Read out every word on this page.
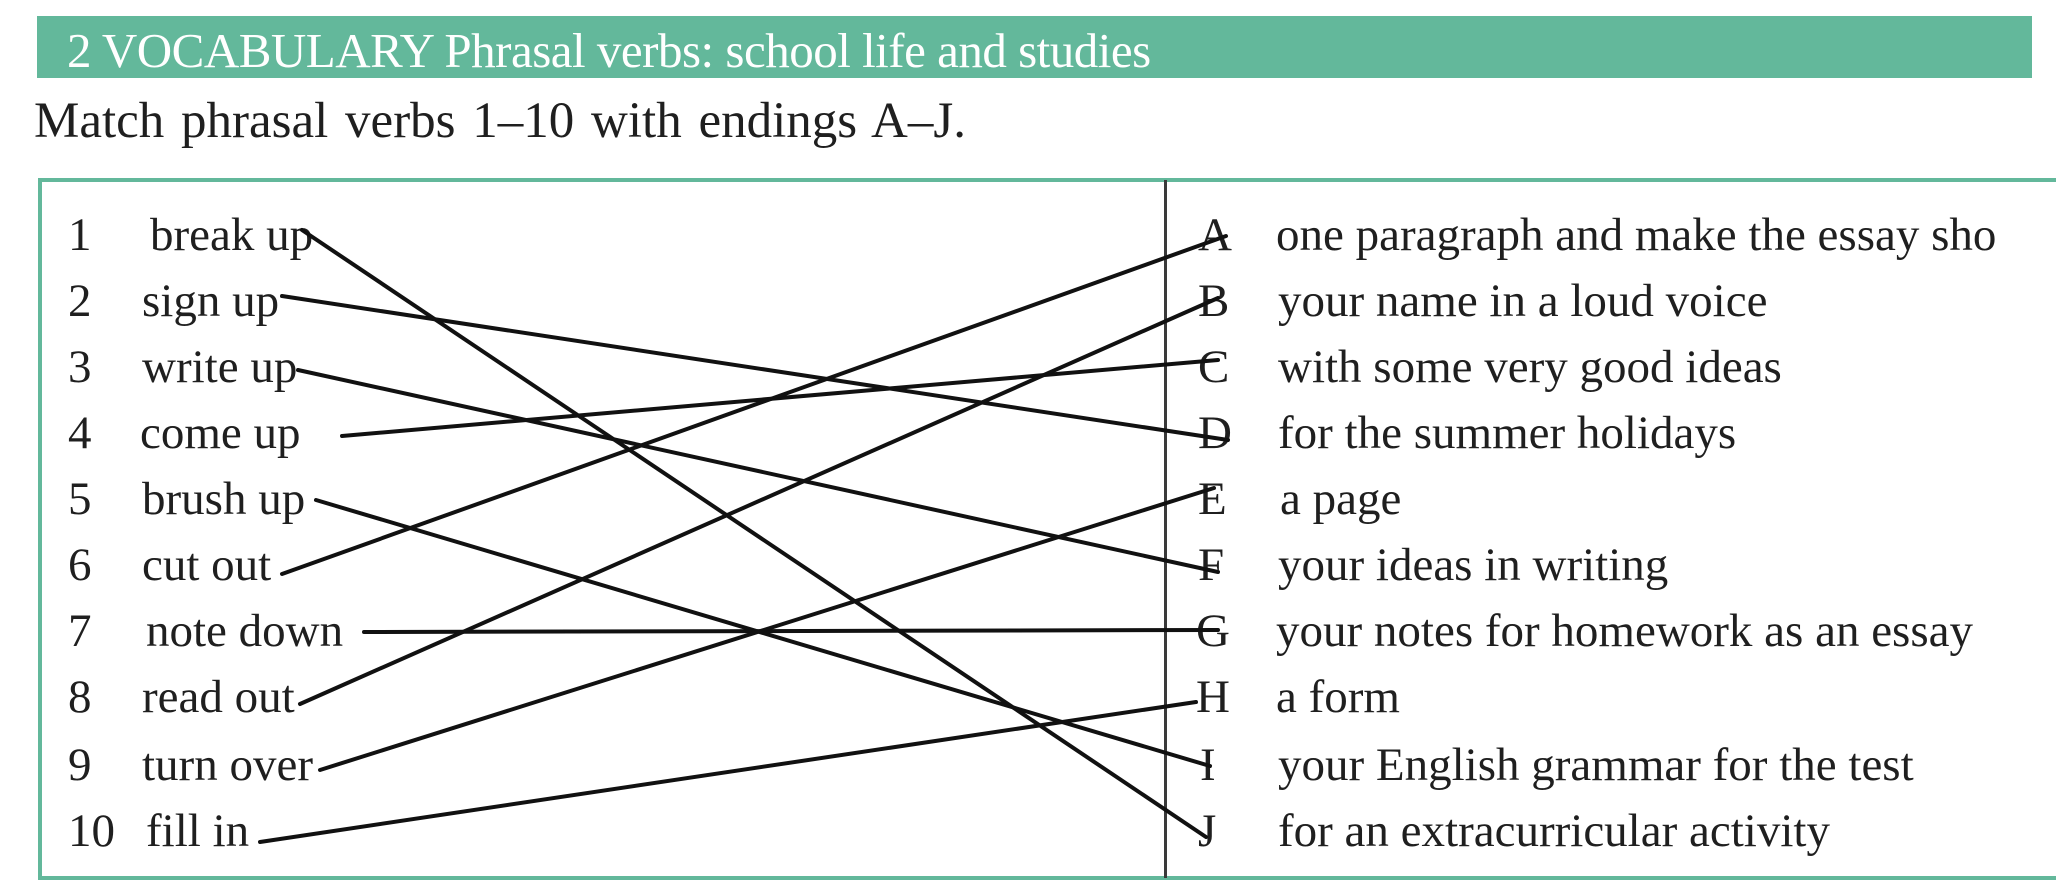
2 VOCABULARY Phrasal verbs: school life and studies
Match phrasal verbs 1–10 with endings A–J.
1 break up
2 sign up
3 write up
4 come up
5 brush up
6 cut out
7 note down
8 read out
9 turn over
10 fill in
A one paragraph and make the essay sho
B your name in a loud voice
C with some very good ideas
D for the summer holidays
E a page
F your ideas in writing
G your notes for homework as an essay
H a form
I your English grammar for the test
J for an extracurricular activity
